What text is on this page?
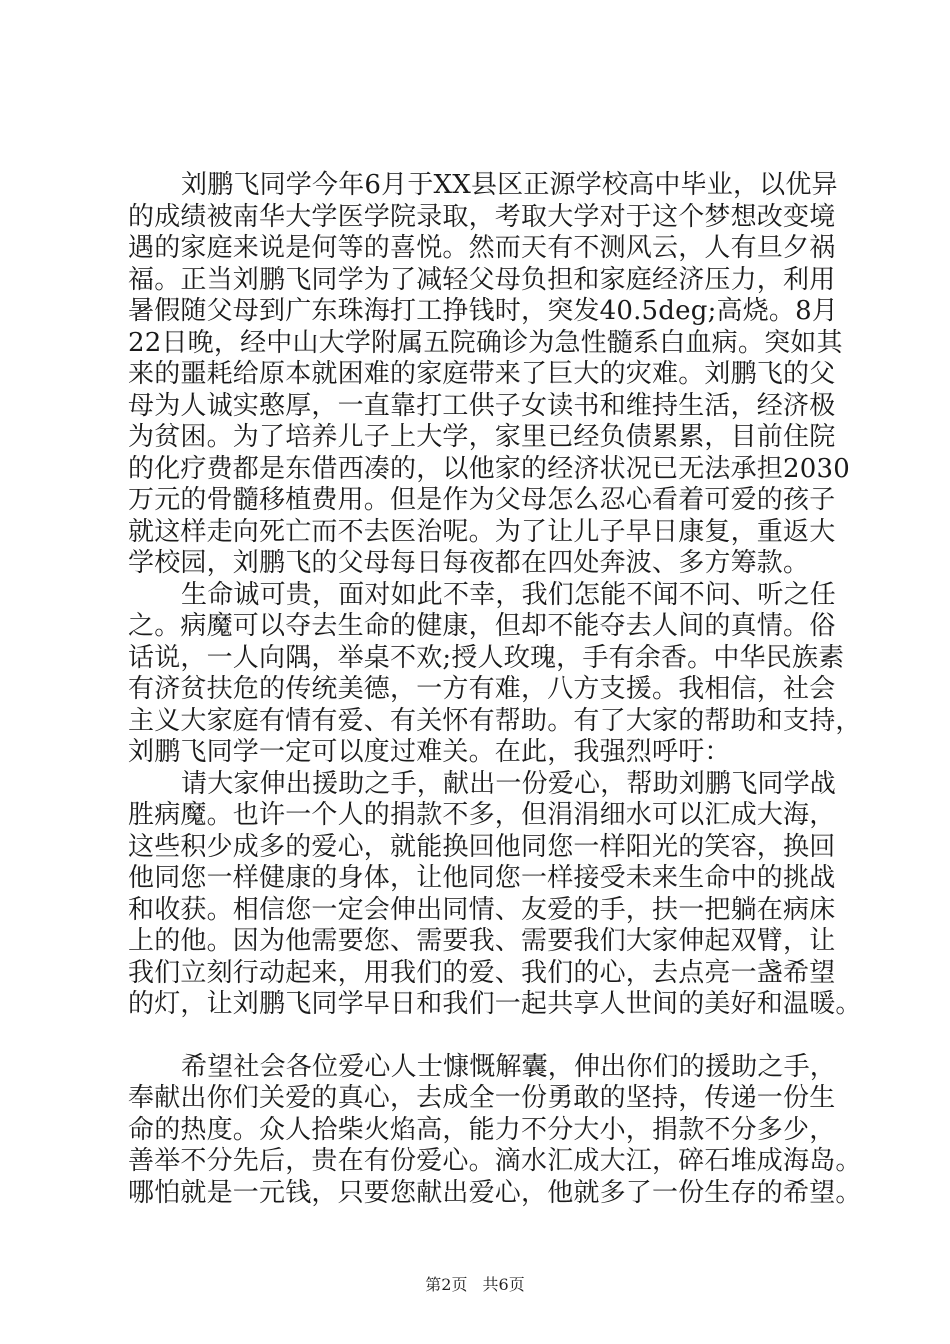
刘鹏飞同学今年6月于XX县区正源学校高中毕业，以优异
的成绩被南华大学医学院录取，考取大学对于这个梦想改变境
遇的家庭来说是何等的喜悦。然而天有不测风云，人有旦夕祸
福。正当刘鹏飞同学为了减轻父母负担和家庭经济压力，利用
暑假随父母到广东珠海打工挣钱时，突发40.5deg;高烧。8月
22日晚，经中山大学附属五院确诊为急性髓系白血病。突如其
来的噩耗给原本就困难的家庭带来了巨大的灾难。刘鹏飞的父
母为人诚实憨厚，一直靠打工供子女读书和维持生活，经济极
为贫困。为了培养儿子上大学，家里已经负债累累，目前住院
的化疗费都是东借西凑的，以他家的经济状况已无法承担2030
万元的骨髓移植费用。但是作为父母怎么忍心看着可爱的孩子
就这样走向死亡而不去医治呢。为了让儿子早日康复，重返大
学校园，刘鹏飞的父母每日每夜都在四处奔波、多方筹款。
生命诚可贵，面对如此不幸，我们怎能不闻不问、听之任
之。病魔可以夺去生命的健康，但却不能夺去人间的真情。俗
话说，一人向隅，举桌不欢;授人玫瑰，手有余香。中华民族素
有济贫扶危的传统美德，一方有难，八方支援。我相信，社会
主义大家庭有情有爱、有关怀有帮助。有了大家的帮助和支持，
刘鹏飞同学一定可以度过难关。在此，我强烈呼吁：
请大家伸出援助之手，献出一份爱心，帮助刘鹏飞同学战
胜病魔。也许一个人的捐款不多，但涓涓细水可以汇成大海，
这些积少成多的爱心，就能换回他同您一样阳光的笑容，换回
他同您一样健康的身体，让他同您一样接受未来生命中的挑战
和收获。相信您一定会伸出同情、友爱的手，扶一把躺在病床
上的他。因为他需要您、需要我、需要我们大家伸起双臂，让
我们立刻行动起来，用我们的爱、我们的心，去点亮一盏希望
的灯，让刘鹏飞同学早日和我们一起共享人世间的美好和温暖。
希望社会各位爱心人士慷慨解囊，伸出你们的援助之手，
奉献出你们关爱的真心，去成全一份勇敢的坚持，传递一份生
命的热度。众人拾柴火焰高，能力不分大小，捐款不分多少，
善举不分先后，贵在有份爱心。滴水汇成大江，碎石堆成海岛。
哪怕就是一元钱，只要您献出爱心，他就多了一份生存的希望。
第2页 共6页
